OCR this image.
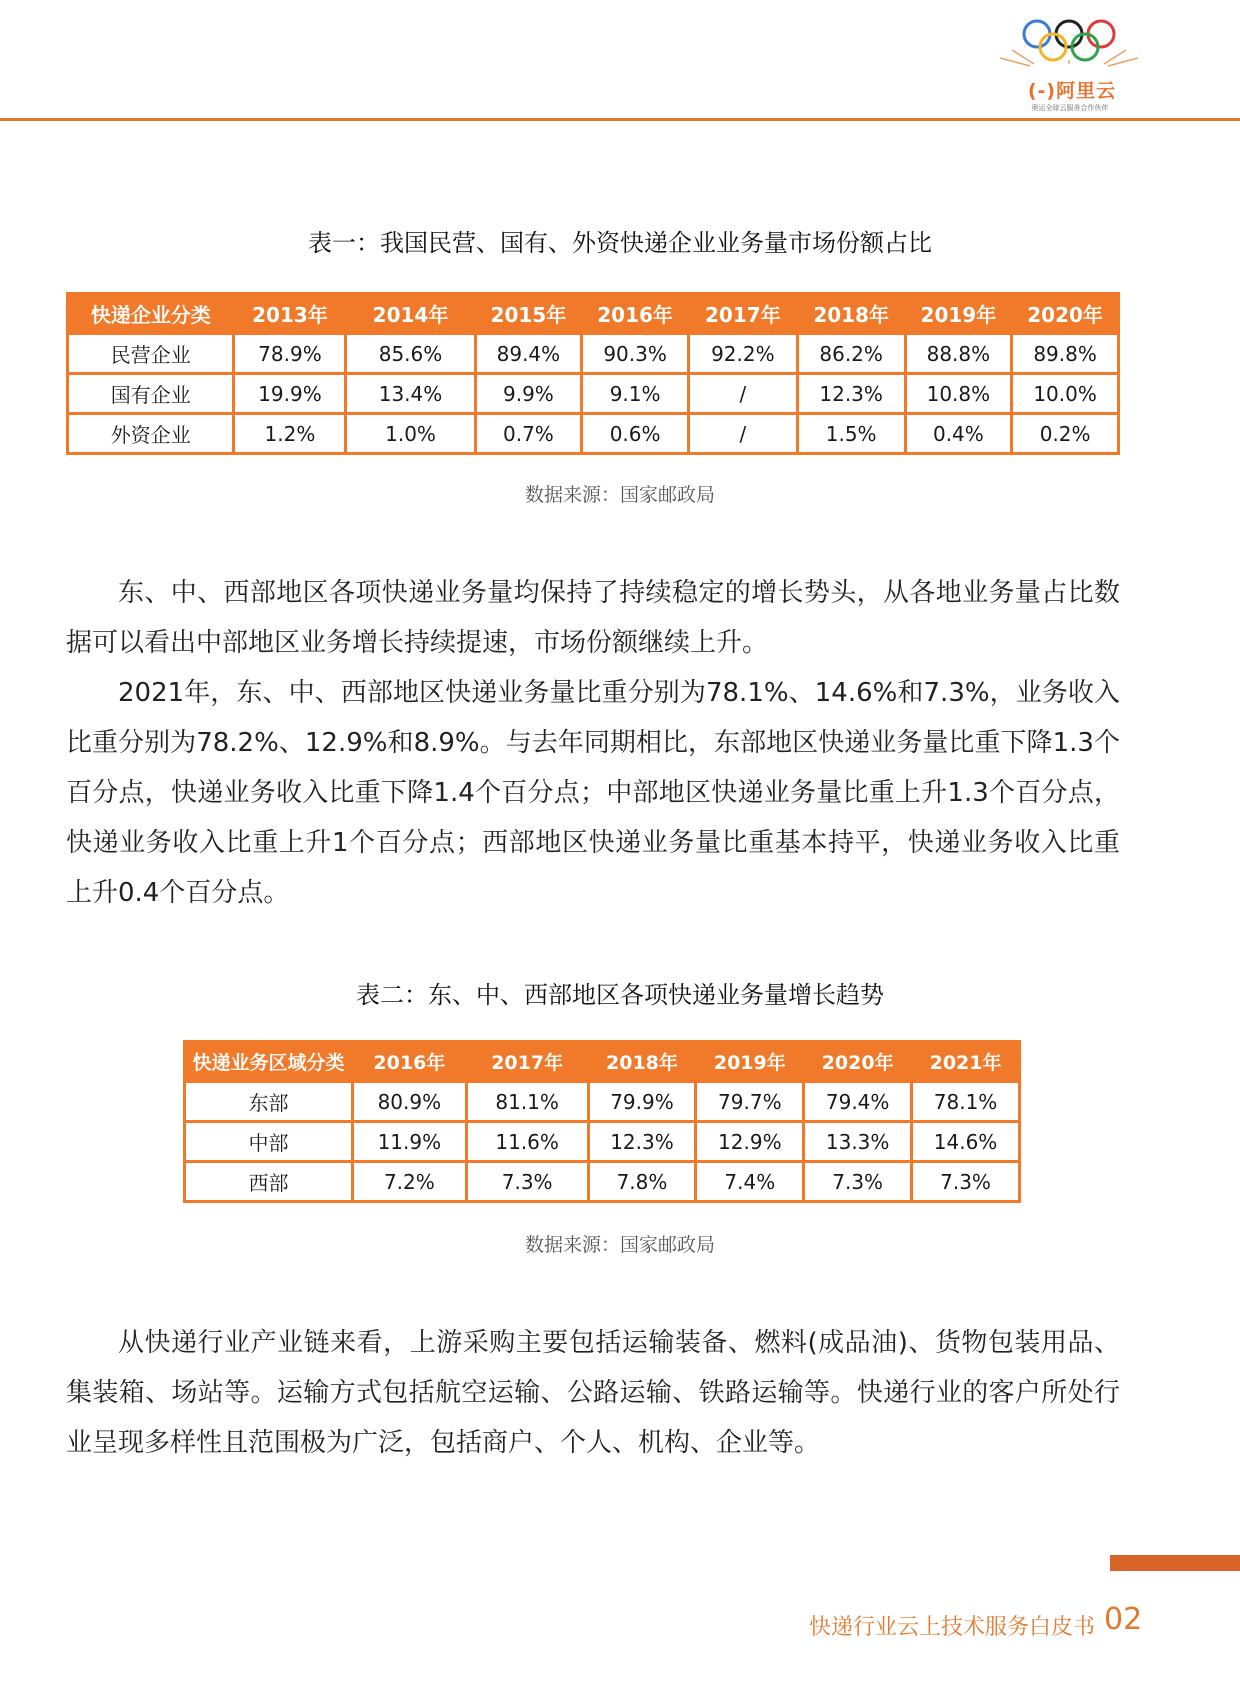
(-)阿里云
奥运全球云服务合作伙伴
表一：我国民营、国有、外资快递企业业务量市场份额占比
快递企业分类	2013年	2014年	2015年	2016年	2017年	2018年	2019年	2020年
民营企业	78.9%	85.6%	89.4%	90.3%	92.2%	86.2%	88.8%	89.8%
国有企业	19.9%	13.4%	9.9%	9.1%	/	12.3%	10.8%	10.0%
外资企业	1.2%	1.0%	0.7%	0.6%	/	1.5%	0.4%	0.2%
数据来源：国家邮政局

东、中、西部地区各项快递业务量均保持了持续稳定的增长势头，从各地业务量占比数据可以看出中部地区业务增长持续提速，市场份额继续上升。

2021年，东、中、西部地区快递业务量比重分别为78.1%、14.6%和7.3%，业务收入比重分别为78.2%、12.9%和8.9%。与去年同期相比，东部地区快递业务量比重下降1.3个百分点，快递业务收入比重下降1.4个百分点；中部地区快递业务量比重上升1.3个百分点，快递业务收入比重上升1个百分点；西部地区快递业务量比重基本持平，快递业务收入比重上升0.4个百分点。

表二：东、中、西部地区各项快递业务量增长趋势
快递业务区域分类	2016年	2017年	2018年	2019年	2020年	2021年
东部	80.9%	81.1%	79.9%	79.7%	79.4%	78.1%
中部	11.9%	11.6%	12.3%	12.9%	13.3%	14.6%
西部	7.2%	7.3%	7.8%	7.4%	7.3%	7.3%
数据来源：国家邮政局

从快递行业产业链来看，上游采购主要包括运输装备、燃料(成品油)、货物包装用品、集装箱、场站等。运输方式包括航空运输、公路运输、铁路运输等。快递行业的客户所处行业呈现多样性且范围极为广泛，包括商户、个人、机构、企业等。

快递行业云上技术服务白皮书 02
